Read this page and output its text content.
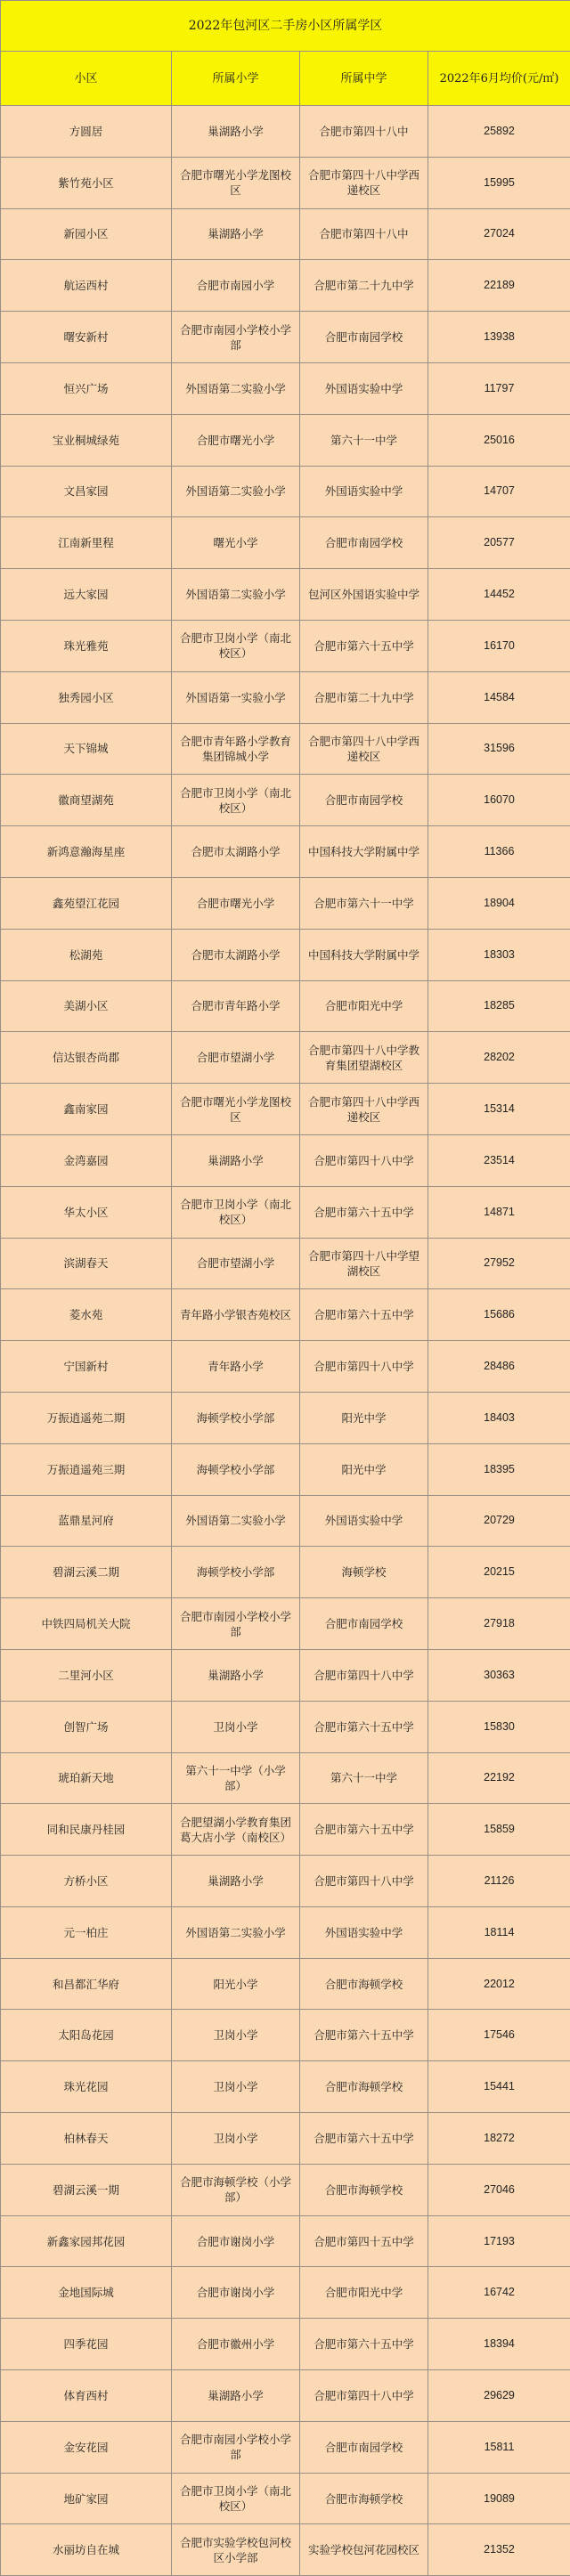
2022年包河区二手房小区所属学区			
小区	所属小学	所属中学	2022年6月均价(元/㎡)
方圆居	巢湖路小学	合肥市第四十八中	25892
紫竹苑小区	合肥市曙光小学龙图校区	合肥市第四十八中学西递校区	15995
新园小区	巢湖路小学	合肥市第四十八中	27024
航运西村	合肥市南园小学	合肥市第二十九中学	22189
曙安新村	合肥市南园小学校小学部	合肥市南园学校	13938
恒兴广场	外国语第二实验小学	外国语实验中学	11797
宝业桐城绿苑	合肥市曙光小学	第六十一中学	25016
文昌家园	外国语第二实验小学	外国语实验中学	14707
江南新里程	曙光小学	合肥市南园学校	20577
远大家园	外国语第二实验小学	包河区外国语实验中学	14452
珠光雅苑	合肥市卫岗小学（南北校区）	合肥市第六十五中学	16170
独秀园小区	外国语第一实验小学	合肥市第二十九中学	14584
天下锦城	合肥市青年路小学教育集团锦城小学	合肥市第四十八中学西递校区	31596
徽商望湖苑	合肥市卫岗小学（南北校区）	合肥市南园学校	16070
新鸿意瀚海星座	合肥市太湖路小学	中国科技大学附属中学	11366
鑫苑望江花园	合肥市曙光小学	合肥市第六十一中学	18904
松湖苑	合肥市太湖路小学	中国科技大学附属中学	18303
美湖小区	合肥市青年路小学	合肥市阳光中学	18285
信达银杏尚郡	合肥市望湖小学	合肥市第四十八中学教育集团望湖校区	28202
鑫南家园	合肥市曙光小学龙图校区	合肥市第四十八中学西递校区	15314
金湾嘉园	巢湖路小学	合肥市第四十八中学	23514
华太小区	合肥市卫岗小学（南北校区）	合肥市第六十五中学	14871
滨湖春天	合肥市望湖小学	合肥市第四十八中学望湖校区	27952
菱水苑	青年路小学银杏苑校区	合肥市第六十五中学	15686
宁国新村	青年路小学	合肥市第四十八中学	28486
万振逍遥苑二期	海顿学校小学部	阳光中学	18403
万振逍遥苑三期	海顿学校小学部	阳光中学	18395
蓝鼎星河府	外国语第二实验小学	外国语实验中学	20729
碧湖云溪二期	海顿学校小学部	海顿学校	20215
中铁四局机关大院	合肥市南园小学校小学部	合肥市南园学校	27918
二里河小区	巢湖路小学	合肥市第四十八中学	30363
创智广场	卫岗小学	合肥市第六十五中学	15830
琥珀新天地	第六十一中学（小学部）	第六十一中学	22192
同和民康丹桂园	合肥望湖小学教育集团葛大店小学（南校区）	合肥市第六十五中学	15859
方桥小区	巢湖路小学	合肥市第四十八中学	21126
元一柏庄	外国语第二实验小学	外国语实验中学	18114
和昌都汇华府	阳光小学	合肥市海顿学校	22012
太阳岛花园	卫岗小学	合肥市第六十五中学	17546
珠光花园	卫岗小学	合肥市海顿学校	15441
柏林春天	卫岗小学	合肥市第六十五中学	18272
碧湖云溪一期	合肥市海顿学校（小学部）	合肥市海顿学校	27046
新鑫家园邦花园	合肥市谢岗小学	合肥市第四十五中学	17193
金地国际城	合肥市谢岗小学	合肥市阳光中学	16742
四季花园	合肥市徽州小学	合肥市第六十五中学	18394
体育西村	巢湖路小学	合肥市第四十八中学	29629
金安花园	合肥市南园小学校小学部	合肥市南园学校	15811
地矿家园	合肥市卫岗小学（南北校区）	合肥市海顿学校	19089
水丽坊自在城	合肥市实验学校包河校区小学部	实验学校包河花园校区	21352
